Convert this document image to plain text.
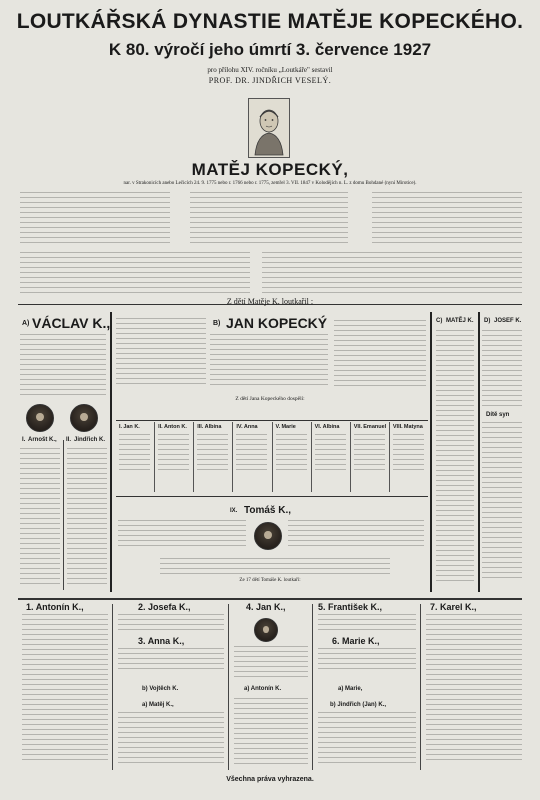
LOUTKÁŘSKÁ DYNASTIE MATĚJE KOPECKÉHO.
K 80. výročí jeho úmrtí 3. července 1927
pro přílohu XIV. ročníku „Loutkáře" sestavil
PROF. DR. JINDŘICH VESELÝ.
MATĚJ KOPECKÝ,
nar. v Strakonicích anebo Lečicích 24. 9. 1775 nebo r. 1766 nebo r. 1775, zemřel 3. VII. 1847 v Kolodějích n. L. z domu Bohdané (nyní Mirotice).
Z dětí Matěje K. loutkařil :
A) VÁCLAV K.,
I. Arnošt K., II. Jindřich K.
B) JAN KOPECKÝ
Z dětí Jana Kopeckého dospělí:
I. Jan K.	II. Anton K. III. Albína	IV. Anna	V. Marie	VI. Albína	VII. Emanuel VIII. Matyna
IX. Tomáš K.,
Ze 17 dětí Tomáše K. loutkaří:
C) MATĚJ K. D) JOSEF K.
Dítě syn
1. Antonín K.,	2. Josefa K.,
3. Anna K.,
4. Jan K.,	5. František K.,
6. Marie K.,
7. Karel K.,
b) Vojtěch K.
a) Matěj K.,
a) Antonín K.	a) Marie,
b) Jindřich (Jan) K.,
Všechna práva vyhrazena.
